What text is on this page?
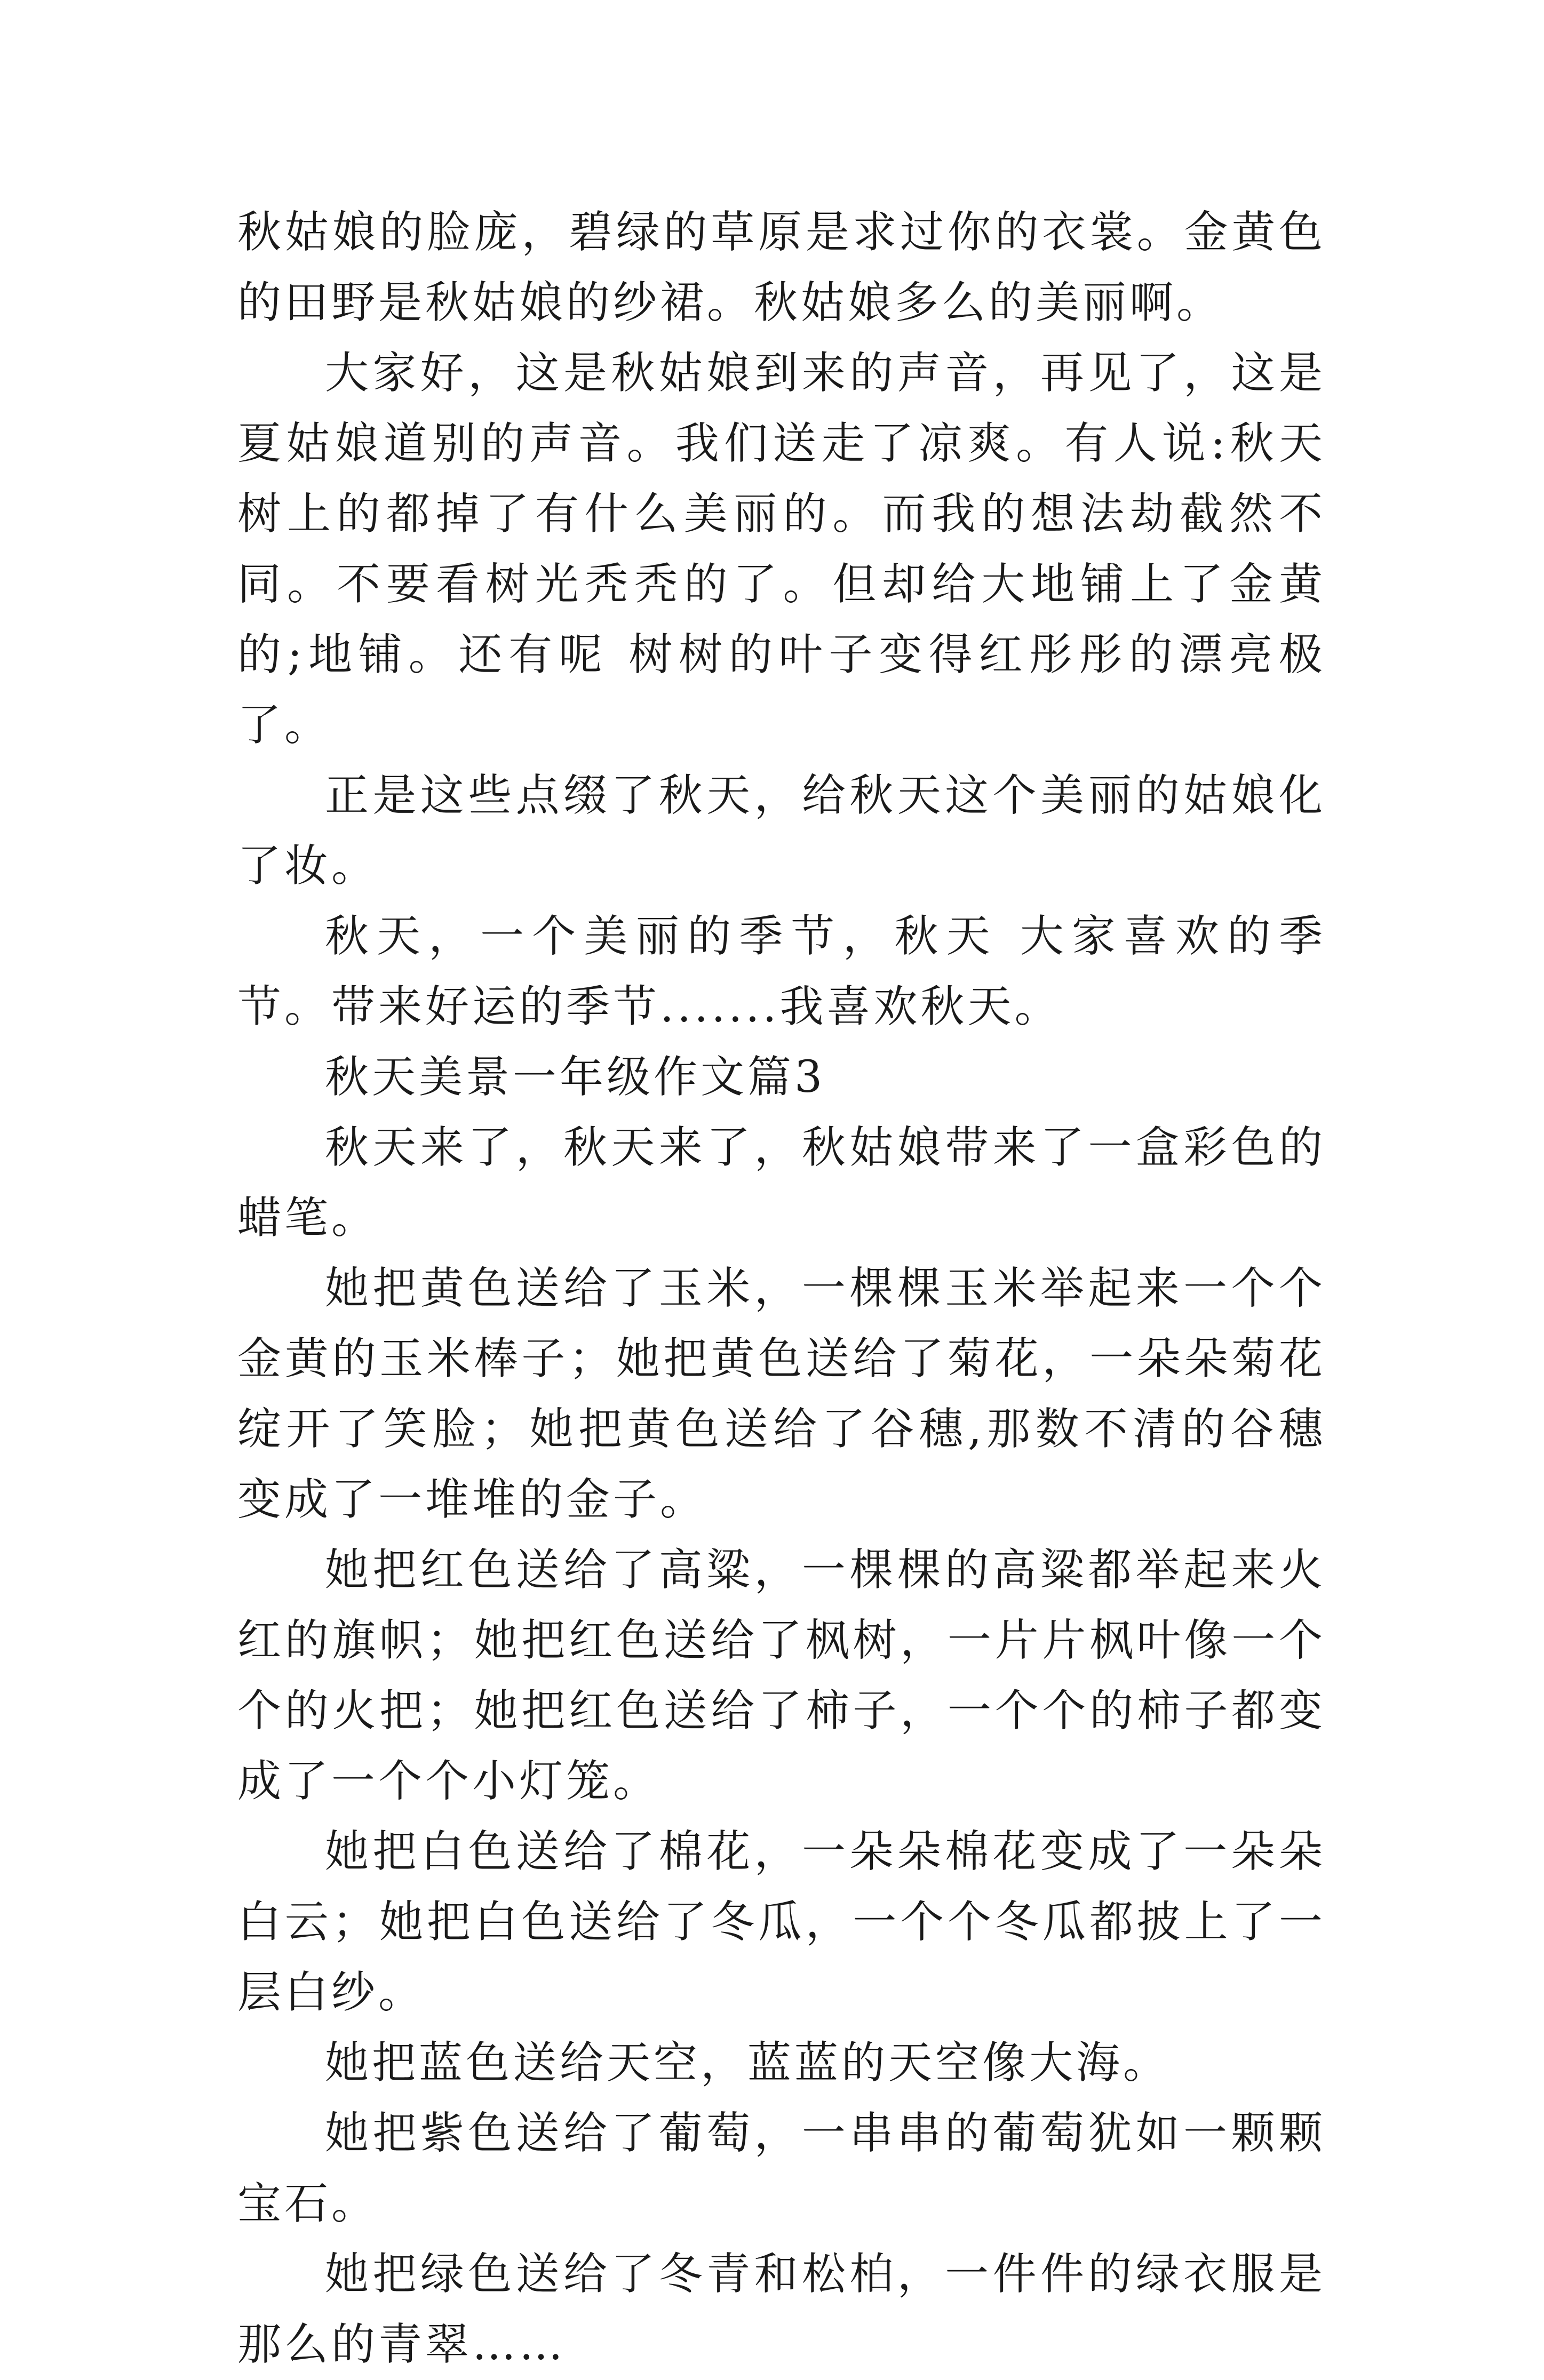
秋姑娘的脸庞，碧绿的草原是求过你的衣裳。金黄色的田野是秋姑娘的纱裙。秋姑娘多么的美丽啊。

大家好，这是秋姑娘到来的声音，再见了，这是夏姑娘道别的声音。我们送走了凉爽。有人说:秋天树上的都掉了有什么美丽的。而我的想法劫截然不同。不要看树光秃秃的了。但却给大地铺上了金黄的;地铺。还有呢 树树的叶子变得红彤彤的漂亮极了。

正是这些点缀了秋天，给秋天这个美丽的姑娘化了妆。

秋天，一个美丽的季节，秋天 大家喜欢的季节。带来好运的季节.......我喜欢秋天。

秋天美景一年级作文篇3

秋天来了，秋天来了，秋姑娘带来了一盒彩色的蜡笔。

她把黄色送给了玉米，一棵棵玉米举起来一个个金黄的玉米棒子；她把黄色送给了菊花，一朵朵菊花绽开了笑脸；她把黄色送给了谷穗,那数不清的谷穗变成了一堆堆的金子。

她把红色送给了高粱，一棵棵的高粱都举起来火红的旗帜；她把红色送给了枫树，一片片枫叶像一个个的火把；她把红色送给了柿子，一个个的柿子都变成了一个个小灯笼。

她把白色送给了棉花，一朵朵棉花变成了一朵朵白云；她把白色送给了冬瓜，一个个冬瓜都披上了一层白纱。

她把蓝色送给天空，蓝蓝的天空像大海。

她把紫色送给了葡萄，一串串的葡萄犹如一颗颗宝石。

她把绿色送给了冬青和松柏，一件件的绿衣服是那么的青翠……
